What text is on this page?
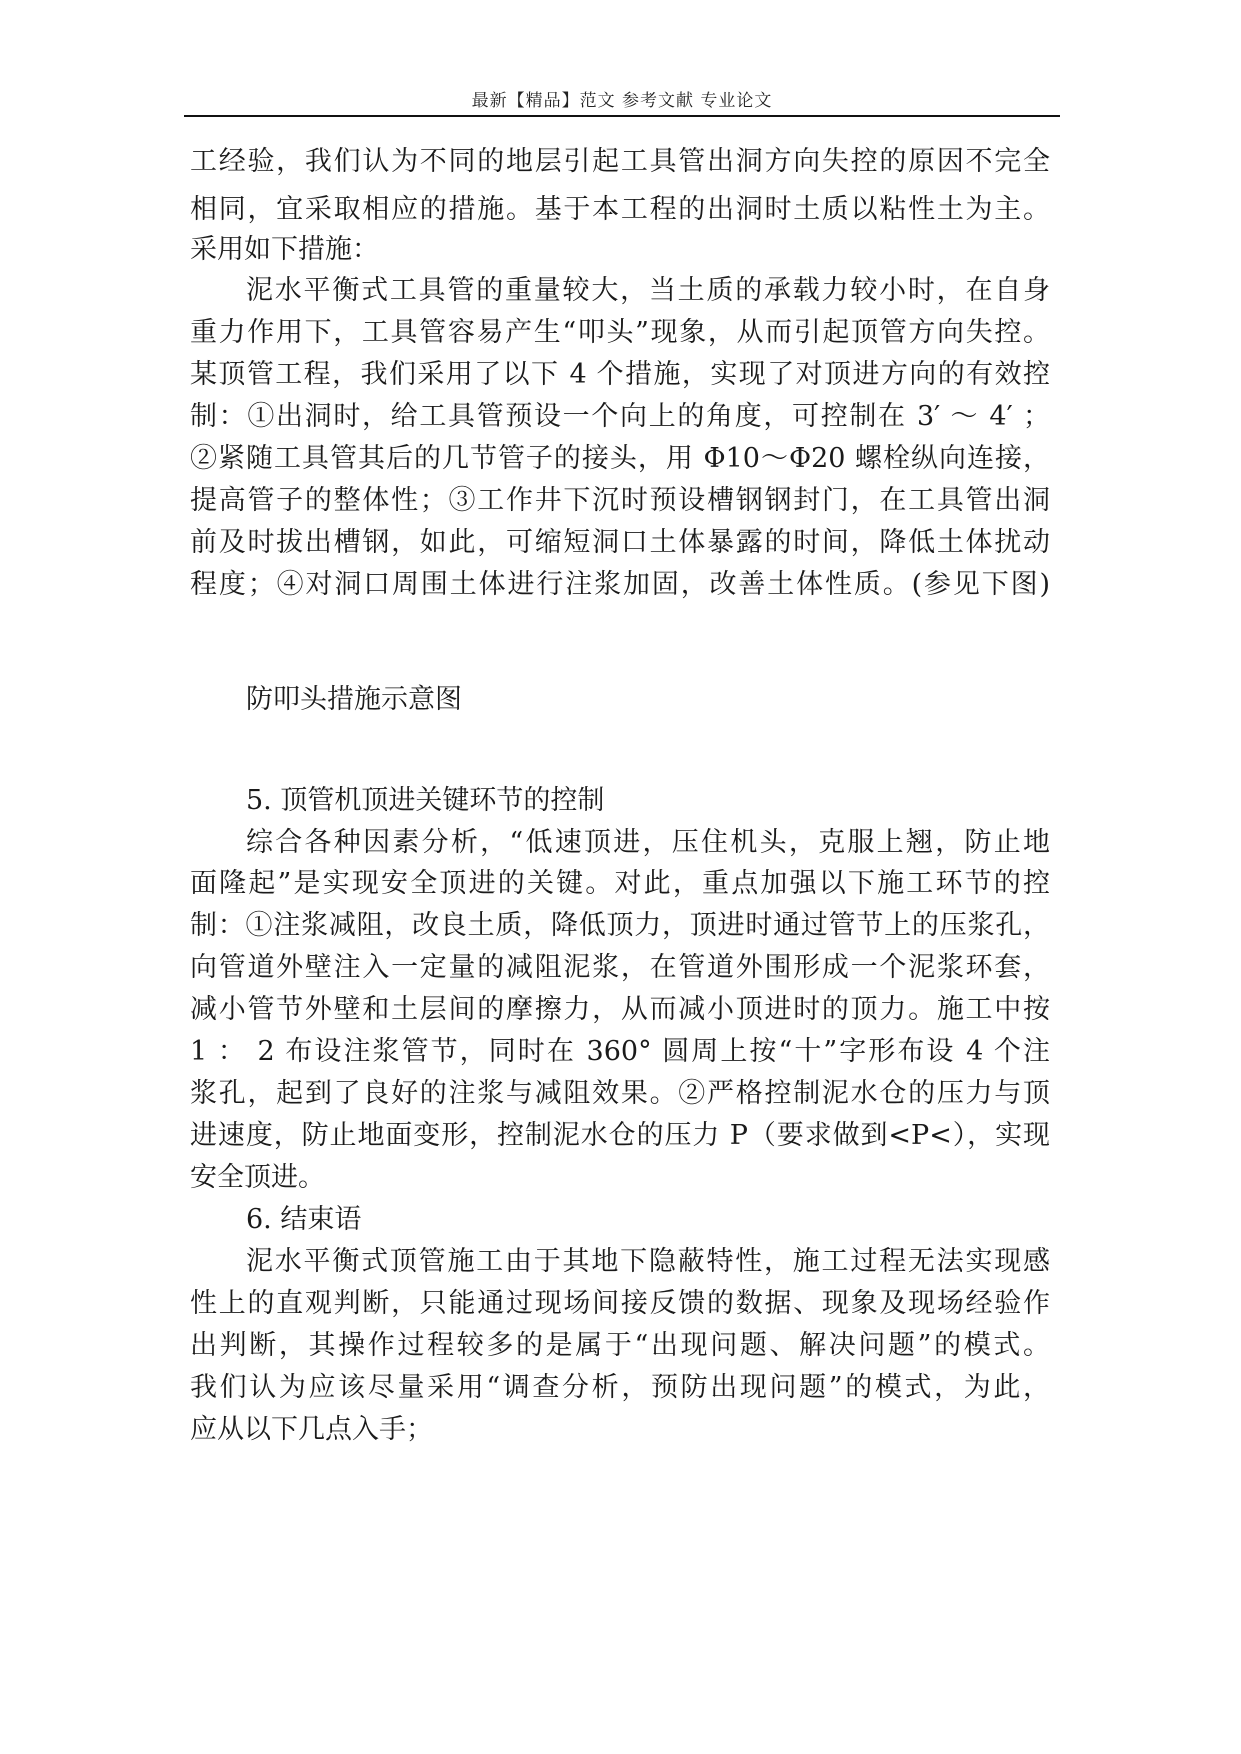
最新【精品】范文 参考文献 专业论文
工经验，我们认为不同的地层引起工具管出洞方向失控的原因不完全
相同，宜采取相应的措施。基于本工程的出洞时土质以粘性土为主。
采用如下措施：
泥水平衡式工具管的重量较大，当土质的承载力较小时，在自身
重力作用下，工具管容易产生“叩头”现象，从而引起顶管方向失控。
某顶管工程，我们采用了以下 4 个措施，实现了对顶进方向的有效控
制：①出洞时，给工具管预设一个向上的角度，可控制在 3′ ～ 4′ ；
②紧随工具管其后的几节管子的接头，用 Φ10～Φ20 螺栓纵向连接，
提高管子的整体性；③工作井下沉时预设槽钢钢封门，在工具管出洞
前及时拔出槽钢，如此，可缩短洞口土体暴露的时间，降低土体扰动
程度；④对洞口周围土体进行注浆加固，改善土体性质。(参见下图)
防叩头措施示意图
5. 顶管机顶进关键环节的控制
综合各种因素分析，“低速顶进，压住机头，克服上翘，防止地
面隆起”是实现安全顶进的关键。对此，重点加强以下施工环节的控
制：①注浆减阻，改良土质，降低顶力，顶进时通过管节上的压浆孔，
向管道外壁注入一定量的减阻泥浆，在管道外围形成一个泥浆环套，
减小管节外壁和土层间的摩擦力，从而减小顶进时的顶力。施工中按
1 ： 2 布设注浆管节，同时在 360° 圆周上按“十”字形布设 4 个注
浆孔，起到了良好的注浆与减阻效果。②严格控制泥水仓的压力与顶
进速度，防止地面变形，控制泥水仓的压力 P（要求做到<P<），实现
安全顶进。
6. 结束语
泥水平衡式顶管施工由于其地下隐蔽特性，施工过程无法实现感
性上的直观判断，只能通过现场间接反馈的数据、现象及现场经验作
出判断，其操作过程较多的是属于“出现问题、解决问题”的模式。
我们认为应该尽量采用“调查分析，预防出现问题”的模式，为此，
应从以下几点入手；
